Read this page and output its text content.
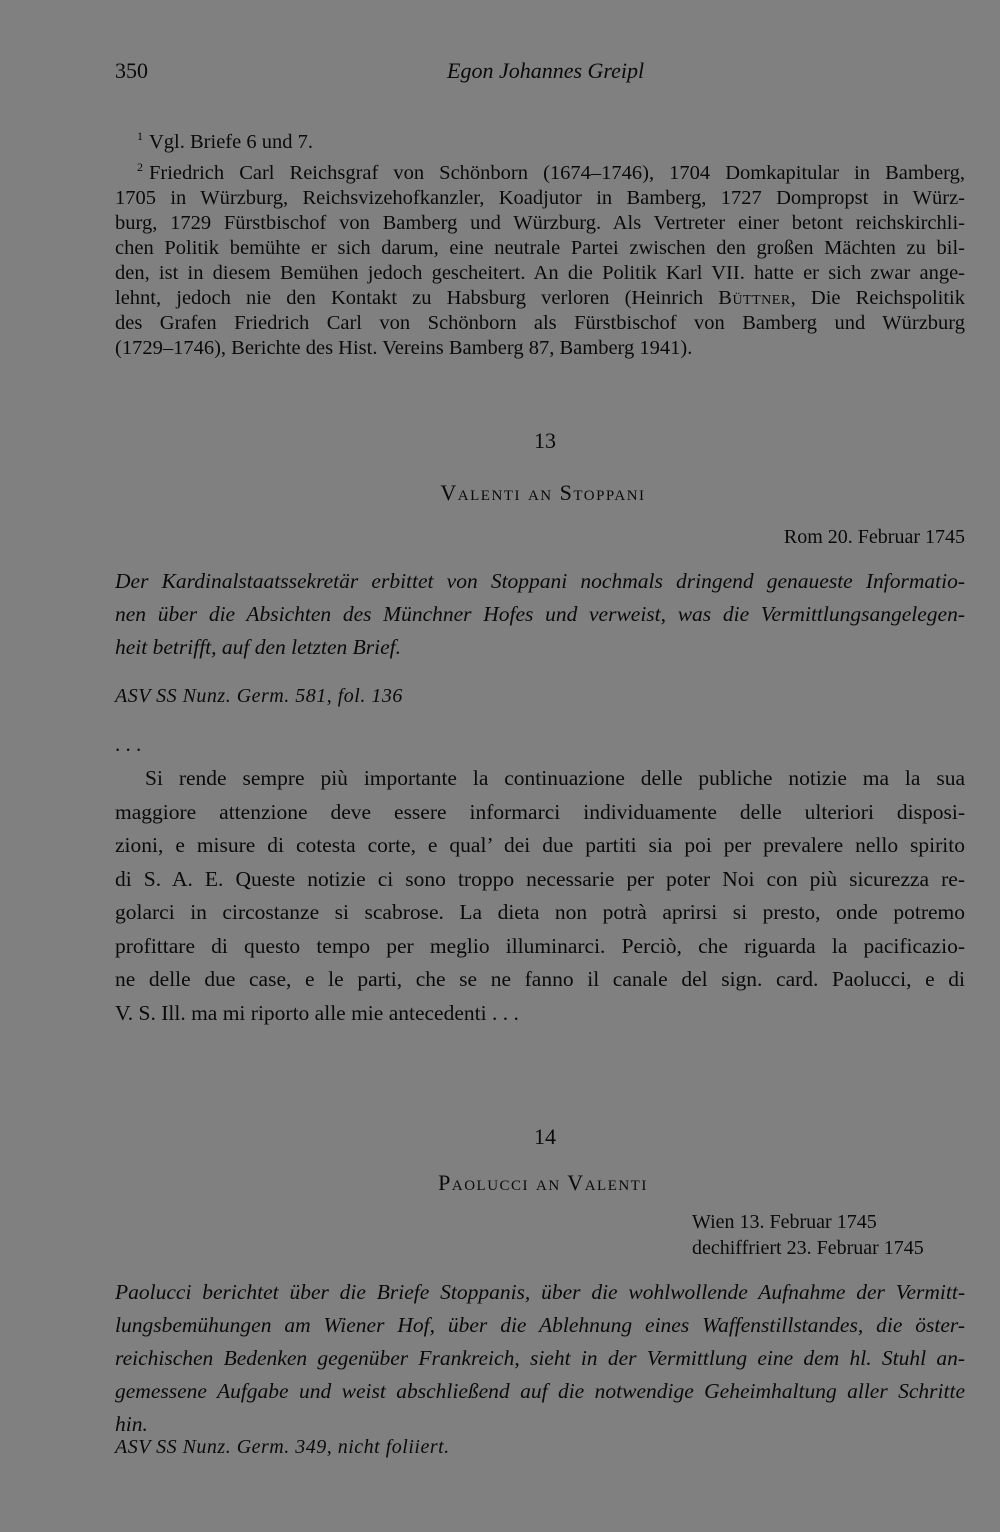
350	Egon Johannes Greipl
$^1$ Vgl. Briefe 6 und 7.
$^2$ Friedrich Carl Reichsgraf von Schönborn (1674–1746), 1704 Domkapitular in Bamberg,
1705 in Würzburg, Reichsvizehofkanzler, Koadjutor in Bamberg, 1727 Dompropst in Würz-
burg, 1729 Fürstbischof von Bamberg und Würzburg. Als Vertreter einer betont reichskirchli-
chen Politik bemühte er sich darum, eine neutrale Partei zwischen den großen Mächten zu bil-
den, ist in diesem Bemühen jedoch gescheitert. An die Politik Karl VII. hatte er sich zwar ange-
lehnt, jedoch nie den Kontakt zu Habsburg verloren (Heinrich Büttner, Die Reichspolitik
des Grafen Friedrich Carl von Schönborn als Fürstbischof von Bamberg und Würzburg
(1729–1746), Berichte des Hist. Vereins Bamberg 87, Bamberg 1941).
13
Valenti an Stoppani
Rom 20. Februar 1745
Der Kardinalstaatssekretär erbittet von Stoppani nochmals dringend genaueste Informatio-
nen über die Absichten des Münchner Hofes und verweist, was die Vermittlungsangelegen-
heit betrifft, auf den letzten Brief.
ASV SS Nunz. Germ. 581, fol. 136
. . .
Si rende sempre più importante la continuazione delle publiche notizie ma la sua
maggiore attenzione deve essere informarci individuamente delle ulteriori disposi-
zioni, e misure di cotesta corte, e qual’ dei due partiti sia poi per prevalere nello spirito
di S. A. E. Queste notizie ci sono troppo necessarie per poter Noi con più sicurezza re-
golarci in circostanze si scabrose. La dieta non potrà aprirsi si presto, onde potremo
profittare di questo tempo per meglio illuminarci. Perciò, che riguarda la pacificazio-
ne delle due case, e le parti, che se ne fanno il canale del sign. card. Paolucci, e di
V. S. Ill. ma mi riporto alle mie antecedenti . . .
14
Paolucci an Valenti
Wien 13. Februar 1745
dechiffriert 23. Februar 1745
Paolucci berichtet über die Briefe Stoppanis, über die wohlwollende Aufnahme der Vermitt-
lungsbemühungen am Wiener Hof, über die Ablehnung eines Waffenstillstandes, die öster-
reichischen Bedenken gegenüber Frankreich, sieht in der Vermittlung eine dem hl. Stuhl an-
gemessene Aufgabe und weist abschließend auf die notwendige Geheimhaltung aller Schritte
hin.
ASV SS Nunz. Germ. 349, nicht foliiert.
